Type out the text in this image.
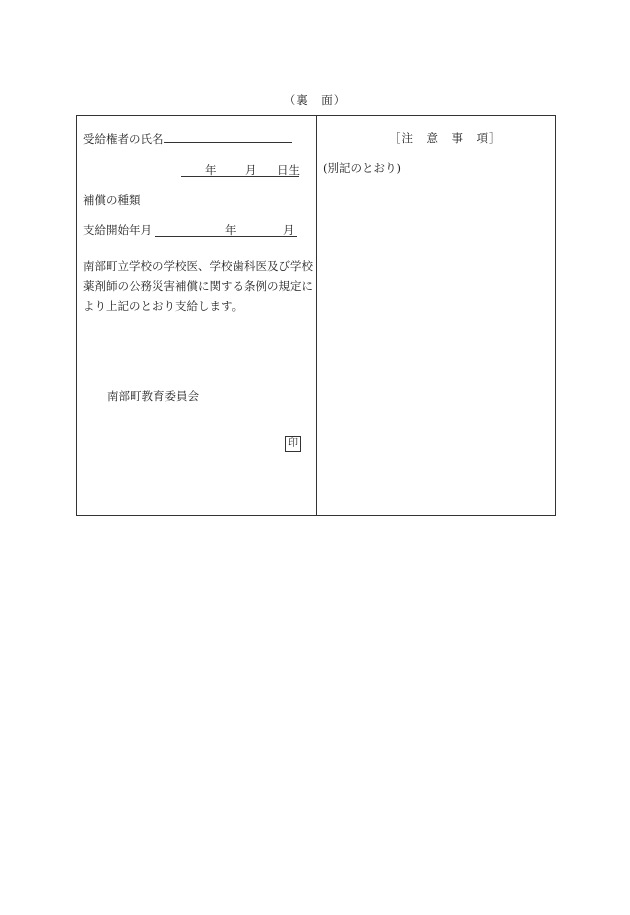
（裏　面）
受給権者の氏名
年 月 日生
補償の種類
支給開始年月	年	月
南部町立学校の学校医、学校歯科医及び学校薬剤師の公務災害補償に関する条例の規定により上記のとおり支給します。
南部町教育委員会
印
［注　意　事　項］
(別記のとおり)
